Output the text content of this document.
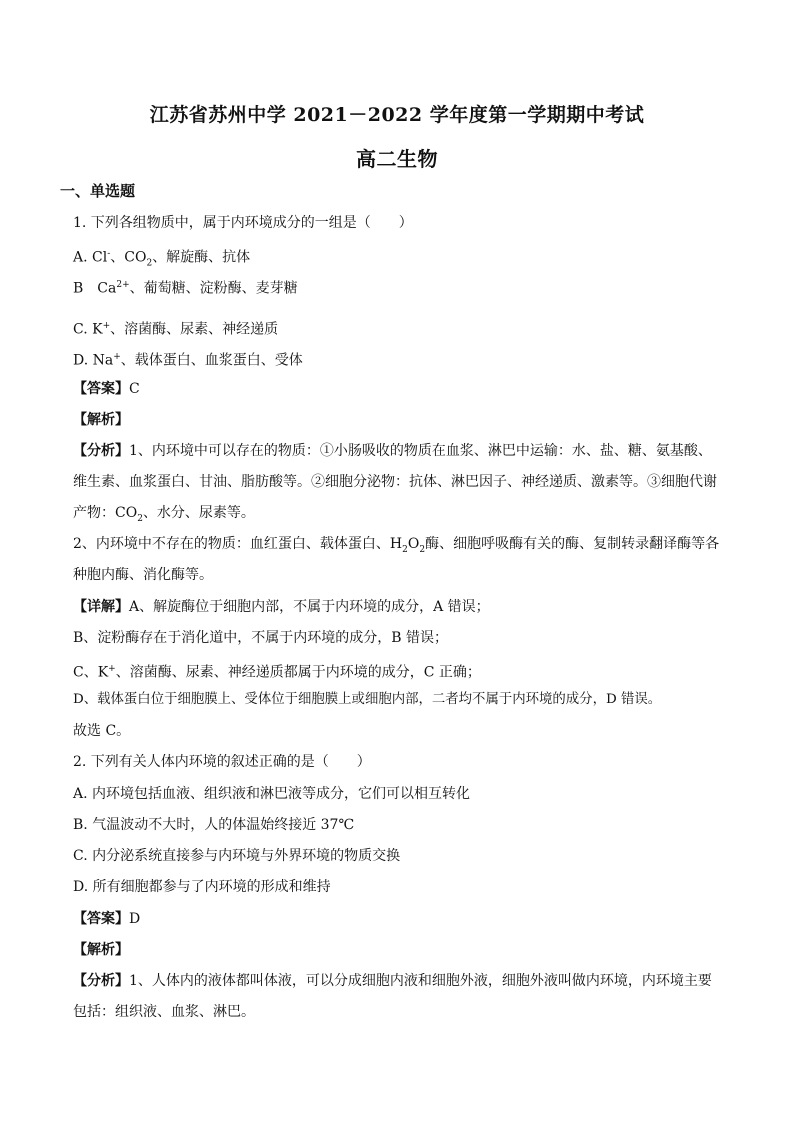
江苏省苏州中学 2021－2022 学年度第一学期期中考试
高二生物
一、单选题
1. 下列各组物质中，属于内环境成分的一组是（　　）
A. Cl-、$CO_2$、解旋酶、抗体
B　$Ca^{2+}$、葡萄糖、淀粉酶、麦芽糖
C. K+、溶菌酶、尿素、神经递质
D. Na+、载体蛋白、血浆蛋白、受体
【答案】C
【解析】
【分析】1、内环境中可以存在的物质：①小肠吸收的物质在血浆、淋巴中运输：水、盐、糖、氨基酸、
维生素、血浆蛋白、甘油、脂肪酸等。②细胞分泌物：抗体、淋巴因子、神经递质、激素等。③细胞代谢
产物：$CO_2$、水分、尿素等。
2、内环境中不存在的物质：血红蛋白、载体蛋白、$H_2O_2$酶、细胞呼吸酶有关的酶、复制转录翻译酶等各
种胞内酶、消化酶等。
【详解】A、解旋酶位于细胞内部，不属于内环境的成分，A 错误；
B、淀粉酶存在于消化道中，不属于内环境的成分，B 错误；
C、K+、溶菌酶、尿素、神经递质都属于内环境的成分，C 正确；
D、载体蛋白位于细胞膜上、受体位于细胞膜上或细胞内部，二者均不属于内环境的成分，D 错误。
故选 C。
2. 下列有关人体内环境的叙述正确的是（　　）
A. 内环境包括血液、组织液和淋巴液等成分，它们可以相互转化
B. 气温波动不大时，人的体温始终接近 37℃
C. 内分泌系统直接参与内环境与外界环境的物质交换
D. 所有细胞都参与了内环境的形成和维持
【答案】D
【解析】
【分析】1、人体内的液体都叫体液，可以分成细胞内液和细胞外液，细胞外液叫做内环境，内环境主要
包括：组织液、血浆、淋巴。
